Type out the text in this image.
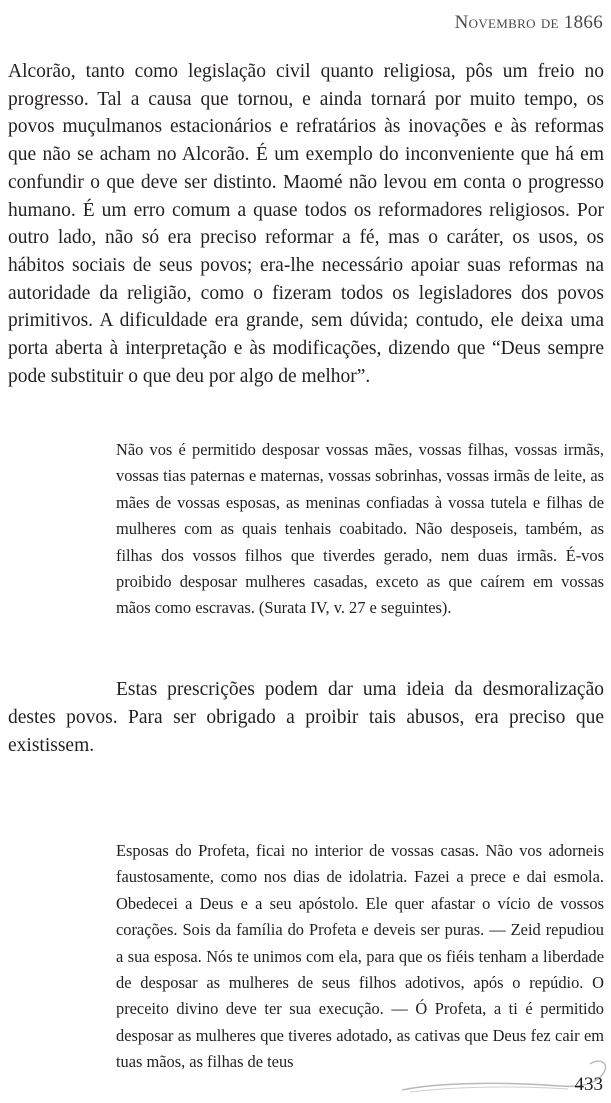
Novembro de 1866

Alcorão, tanto como legislação civil quanto religiosa, pôs um freio no progresso. Tal a causa que tornou, e ainda tornará por muito tempo, os povos muçulmanos estacionários e refratários às inovações e às reformas que não se acham no Alcorão. É um exemplo do inconveniente que há em confundir o que deve ser distinto. Maomé não levou em conta o progresso humano. É um erro comum a quase todos os reformadores religiosos. Por outro lado, não só era preciso reformar a fé, mas o caráter, os usos, os hábitos sociais de seus povos; era-lhe necessário apoiar suas reformas na autoridade da religião, como o fizeram todos os legisladores dos povos primitivos. A dificuldade era grande, sem dúvida; contudo, ele deixa uma porta aberta à interpretação e às modificações, dizendo que “Deus sempre pode substituir o que deu por algo de melhor”.

Não vos é permitido desposar vossas mães, vossas filhas, vossas irmãs, vossas tias paternas e maternas, vossas sobrinhas, vossas irmãs de leite, as mães de vossas esposas, as meninas confiadas à vossa tutela e filhas de mulheres com as quais tenhais coabitado. Não desposeis, também, as filhas dos vossos filhos que tiverdes gerado, nem duas irmãs. É-vos proibido desposar mulheres casadas, exceto as que caírem em vossas mãos como escravas. (Surata IV, v. 27 e seguintes).

Estas prescrições podem dar uma ideia da desmoralização destes povos. Para ser obrigado a proibir tais abusos, era preciso que existissem.

Esposas do Profeta, ficai no interior de vossas casas. Não vos adorneis faustosamente, como nos dias de idolatria. Fazei a prece e dai esmola. Obedecei a Deus e a seu apóstolo. Ele quer afastar o vício de vossos corações. Sois da família do Profeta e deveis ser puras. — Zeid repudiou a sua esposa. Nós te unimos com ela, para que os fiéis tenham a liberdade de desposar as mulheres de seus filhos adotivos, após o repúdio. O preceito divino deve ter sua execução. — Ó Profeta, a ti é permitido desposar as mulheres que tiveres adotado, as cativas que Deus fez cair em tuas mãos, as filhas de teus

433
